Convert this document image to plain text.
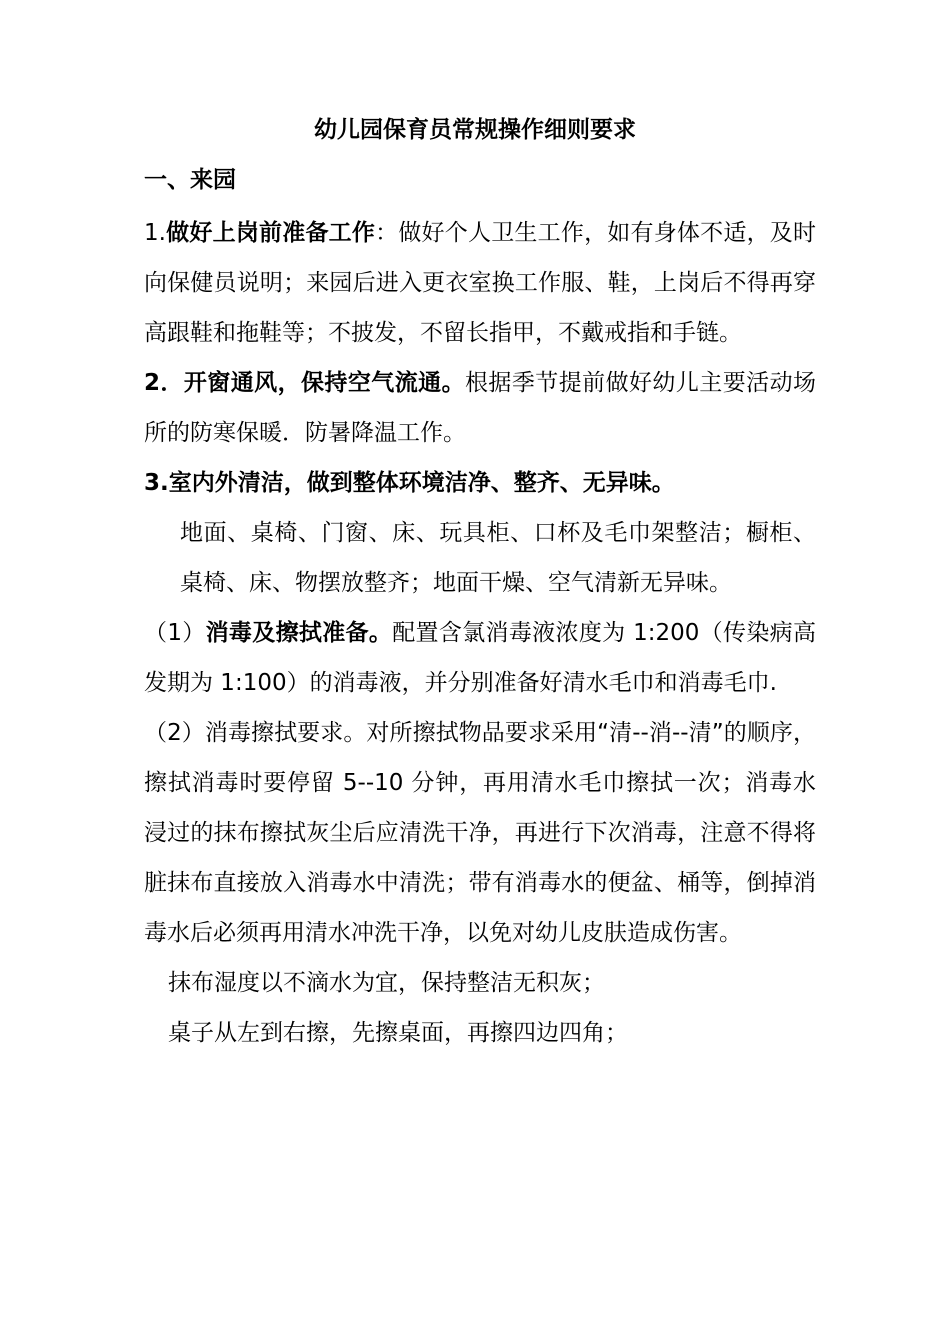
幼儿园保育员常规操作细则要求
一、来园

1.做好上岗前准备工作：做好个人卫生工作，如有身体不适，及时向保健员说明；来园后进入更衣室换工作服、鞋，上岗后不得再穿高跟鞋和拖鞋等；不披发，不留长指甲，不戴戒指和手链。

2．开窗通风，保持空气流通。根据季节提前做好幼儿主要活动场所的防寒保暖．防暑降温工作。

3.室内外清洁，做到整体环境洁净、整齐、无异味。

地面、桌椅、门窗、床、玩具柜、口杯及毛巾架整洁；橱柜、桌椅、床、物摆放整齐；地面干燥、空气清新无异味。

（1）消毒及擦拭准备。配置含氯消毒液浓度为 1:200（传染病高发期为 1:100）的消毒液，并分别准备好清水毛巾和消毒毛巾.

（2）消毒擦拭要求。对所擦拭物品要求采用“清--消--清”的顺序，擦拭消毒时要停留 5--10 分钟，再用清水毛巾擦拭一次；消毒水浸过的抹布擦拭灰尘后应清洗干净，再进行下次消毒，注意不得将脏抹布直接放入消毒水中清洗；带有消毒水的便盆、桶等，倒掉消毒水后必须再用清水冲洗干净，以免对幼儿皮肤造成伤害。

抹布湿度以不滴水为宜，保持整洁无积灰；

桌子从左到右擦，先擦桌面，再擦四边四角；
